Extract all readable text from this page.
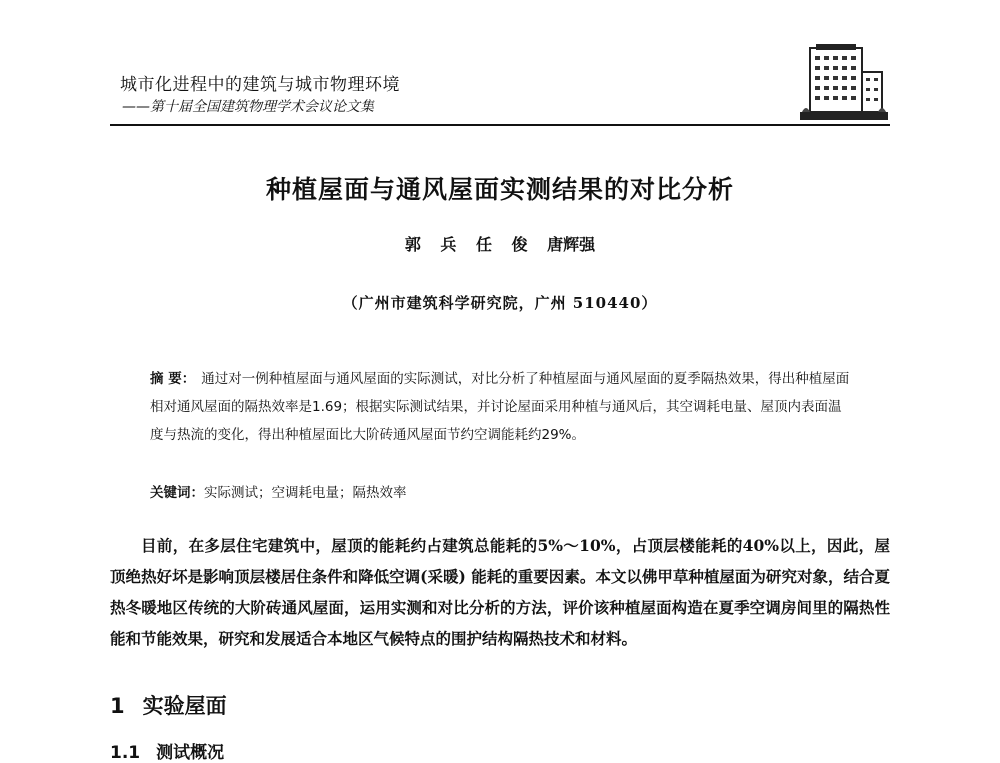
城市化进程中的建筑与城市物理环境
——第十届全国建筑物理学术会议论文集
种植屋面与通风屋面实测结果的对比分析
郭 兵 任 俊 唐辉强
（广州市建筑科学研究院，广州 510440）
摘 要： 通过对一例种植屋面与通风屋面的实际测试，对比分析了种植屋面与通风屋面的夏季隔热效果，得出种植屋面相对通风屋面的隔热效率是1.69；根据实际测试结果，并讨论屋面采用种植与通风后，其空调耗电量、屋顶内表面温度与热流的变化，得出种植屋面比大阶砖通风屋面节约空调能耗约29%。
关键词：实际测试；空调耗电量；隔热效率
目前，在多层住宅建筑中，屋顶的能耗约占建筑总能耗的5%～10%，占顶层楼能耗的40%以上，因此，屋顶绝热好坏是影响顶层楼居住条件和降低空调(采暖) 能耗的重要因素。本文以佛甲草种植屋面为研究对象，结合夏热冬暖地区传统的大阶砖通风屋面，运用实测和对比分析的方法，评价该种植屋面构造在夏季空调房间里的隔热性能和节能效果，研究和发展适合本地区气候特点的围护结构隔热技术和材料。
1 实验屋面
1.1 测试概况
